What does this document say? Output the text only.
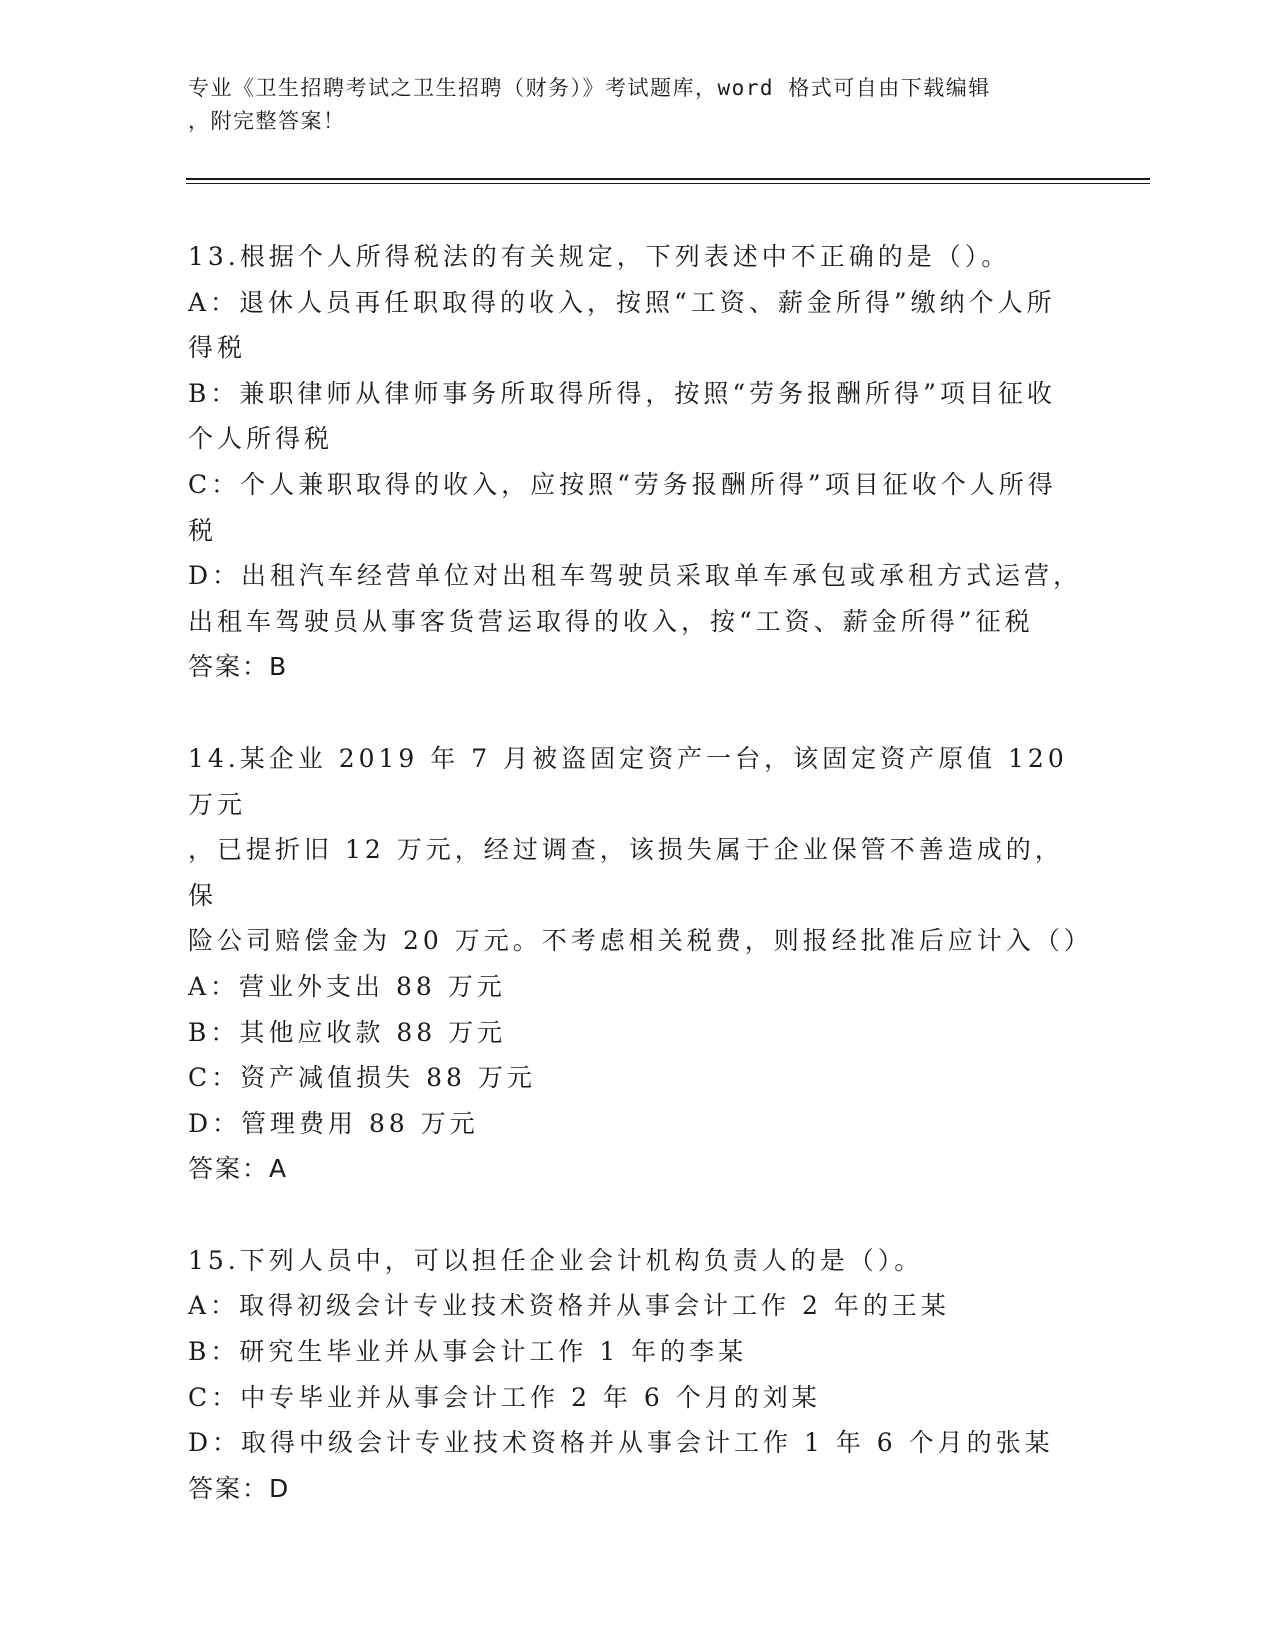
专业《卫生招聘考试之卫生招聘（财务）》考试题库，word 格式可自由下载编辑
，附完整答案！
13.根据个人所得税法的有关规定，下列表述中不正确的是（）。
A：退休人员再任职取得的收入，按照“工资、薪金所得”缴纳个人所
得税
B：兼职律师从律师事务所取得所得，按照“劳务报酬所得”项目征收
个人所得税
C：个人兼职取得的收入，应按照“劳务报酬所得”项目征收个人所得
税
D：出租汽车经营单位对出租车驾驶员采取单车承包或承租方式运营，
出租车驾驶员从事客货营运取得的收入，按“工资、薪金所得”征税
答案：B
14.某企业 2019 年 7 月被盗固定资产一台，该固定资产原值 120 万元
，已提折旧 12 万元，经过调查，该损失属于企业保管不善造成的，保
险公司赔偿金为 20 万元。不考虑相关税费，则报经批准后应计入（）
A：营业外支出 88 万元
B：其他应收款 88 万元
C：资产减值损失 88 万元
D：管理费用 88 万元
答案：A
15.下列人员中，可以担任企业会计机构负责人的是（）。
A：取得初级会计专业技术资格并从事会计工作 2 年的王某
B：研究生毕业并从事会计工作 1 年的李某
C：中专毕业并从事会计工作 2 年 6 个月的刘某
D：取得中级会计专业技术资格并从事会计工作 1 年 6 个月的张某
答案：D
